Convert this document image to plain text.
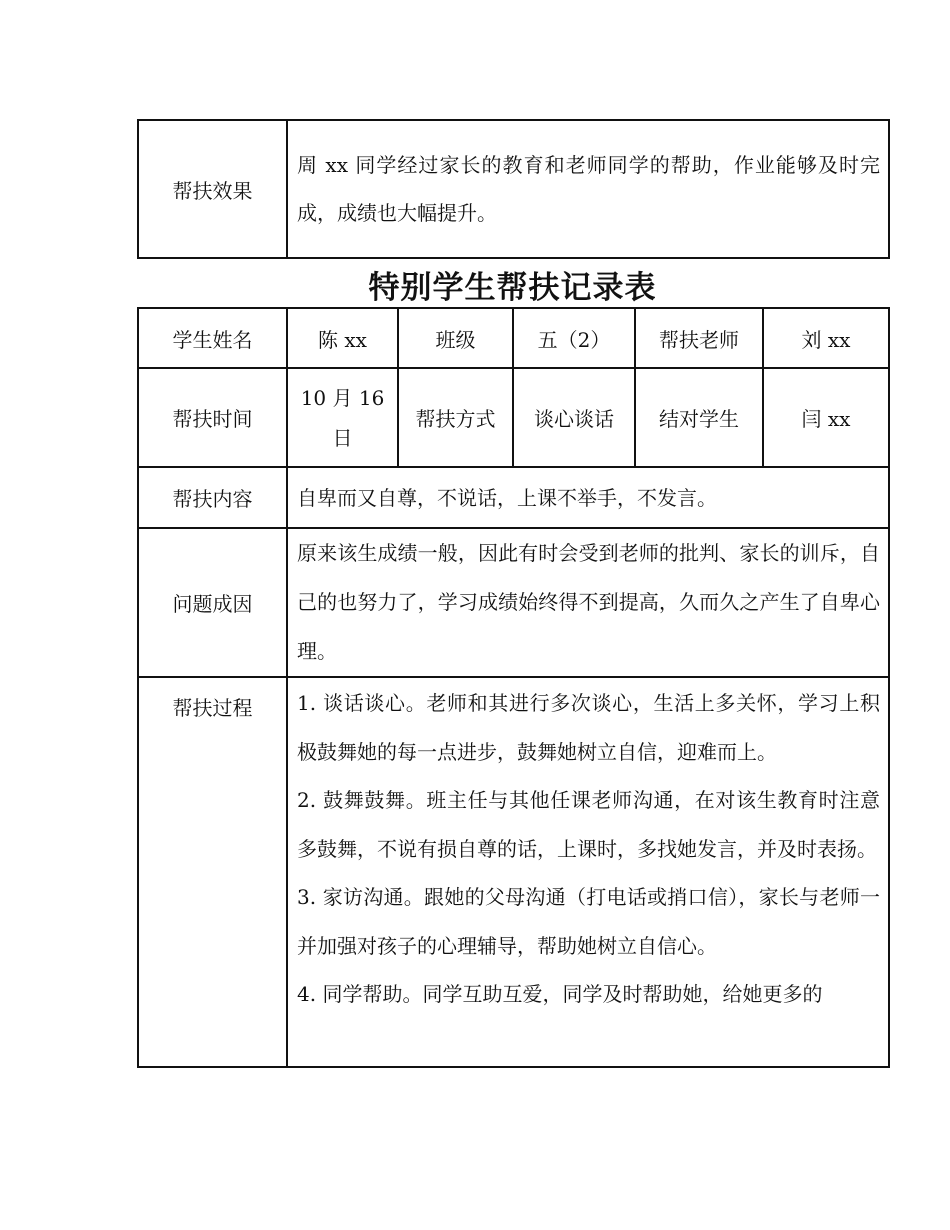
帮扶效果	周 xx 同学经过家长的教育和老师同学的帮助，作业能够及时完成，成绩也大幅提升。
特别学生帮扶记录表
学生姓名	陈 xx	班级	五（2）	帮扶老师	刘 xx
帮扶时间	10 月 16 日	帮扶方式	谈心谈话	结对学生	闫 xx
帮扶内容	自卑而又自尊，不说话，上课不举手，不发言。				
问题成因	原来该生成绩一般，因此有时会受到老师的批判、家长的训斥，自己的也努力了，学习成绩始终得不到提高，久而久之产生了自卑心理。				
帮扶过程	1. 谈话谈心。老师和其进行多次谈心，生活上多关怀，学习上积极鼓舞她的每一点进步，鼓舞她树立自信，迎难而上。

2. 鼓舞鼓舞。班主任与其他任课老师沟通，在对该生教育时注意多鼓舞，不说有损自尊的话，上课时，多找她发言，并及时表扬。

3. 家访沟通。跟她的父母沟通（打电话或捎口信），家长与老师一并加强对孩子的心理辅导，帮助她树立自信心。

4. 同学帮助。同学互助互爱，同学及时帮助她，给她更多的				
